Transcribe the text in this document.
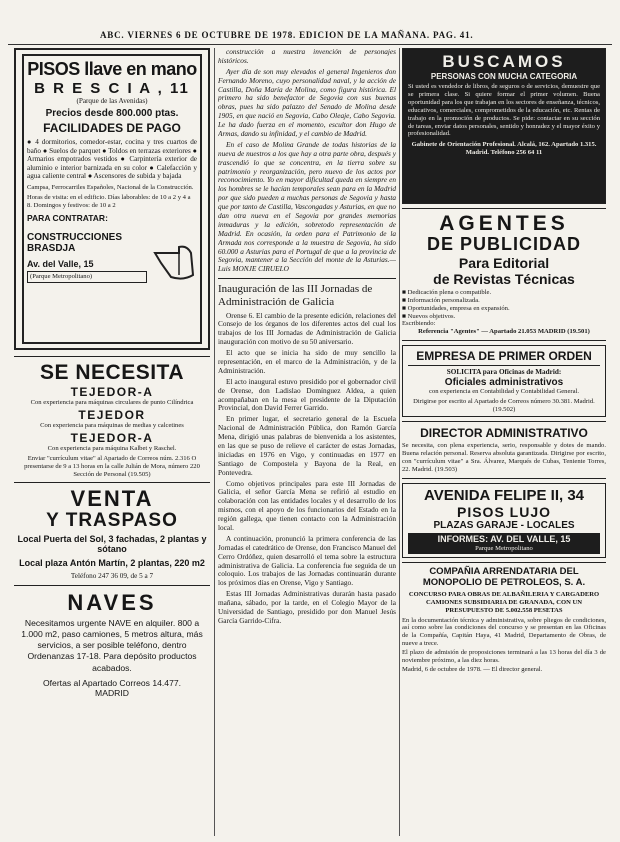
ABC. VIERNES 6 DE OCTUBRE DE 1978. EDICION DE LA MAÑANA. PAG. 41.
PISOS llave en mano
B R E S C I A , 11
(Parque de las Avenidas)
Precios desde 800.000 ptas.
FACILIDADES DE PAGO
● 4 dormitorios, comedor-estar, cocina y tres cuartos de baño ● Suelos de parquet ● Toldos en terrazas exteriores ● Armarios empotrados vestidos ● Carpintería exterior de aluminio e interior barnizada en su color ● Calefacción y agua caliente central ● Ascensores de subida y bajada
Campsa, Ferrocarriles Españoles, Nacional de la Construcción.
Horas de visita: en el edificio. Días laborables: de 10 a 2 y 4 a 8. Domingos y festivos: de 10 a 2
PARA CONTRATAR:
CONSTRUCCIONES BRASDJA
Av. del Valle, 15
(Parque Metropolitano)
SE NECESITA
TEJEDOR-A
Con experiencia para máquinas circulares de punto Cilíndrica
TEJEDOR
Con experiencia para máquinas de medias y calcetines
TEJEDOR-A
Con experiencia para máquina Kalbet y Raschel.
Enviar "currículum vitae" al Apartado de Correos núm. 2.316 O presentarse de 9 a 13 horas en la calle Julián de Mora, número 220 Sección de Personal (19.505)
VENTA
Y TRASPASO
Local Puerta del Sol, 3 fachadas, 2 plantas y sótano
Local plaza Antón Martín, 2 plantas, 220 m2
Teléfono 247 36 09, de 5 a 7
NAVES
Necesitamos urgente NAVE en alquiler. 800 a 1.000 m2, paso camiones, 5 metros altura, más servicios, a ser posible teléfono, dentro Ordenanzas 17-18. Para depósito productos acabados.
Ofertas al Apartado Correos 14.477.
MADRID

construcción a nuestra invención de personajes históricos.

Ayer día de son muy elevados el general Ingenieros don Fernando Moreno, cuyo personalidad naval, y la acción de Castilla, Doña María de Molina, como figura histórica. El primero ha sido benefactor de Segovia con sus buenas obras, pues ha sido palazzo del Senado de Molina desde 1905, en que nació en Segovia, Cabo Oleaje, Cabo Segovia. Le ha dado fuerza en el momento, escultor don Hugo de Armas, dando su infinidad, y el cambio de Madrid.

En el caso de Molina Grande de todas historias de la nueva de nuestros a los que hay a otra parte obra, después y trascendió lo que se concentra, en la tierra sobre su patrimonio y reorganización, pero nuevo de los actos por reconocimiento. Yo en mayor dificultad queda en siempre en los hombres se le hacían temporales sean para en la Madrid por que sido pueden a muchas personas de Segovia y hasta que por tanto de Castilla, Vascongadas y Asturias, en que no dan otra nueva en el Segovia por grandes memorias inmaduras y la edición, sobretodo representación de Madrid. En ocasión, la orden para el Patrimonio de la Armada nos corresponde a la muestra de Segovia, ha sido 60.000 a Asturias para el Portugal de que a la provincia de Segovia, mantener a la Sección del monte de la Asturias.—Luis MONJE CIRUELO

Inauguración de las III Jornadas de Administración de Galicia

Orense 6. El cambio de la presente edición, relaciones del Consejo de los órganos de los diferentes actos del cual los trabajos de los III Jornadas de Administración de Galicia inauguración con motivo de su 50 aniversario.

El acto que se inicia ha sido de muy sencillo la representación, en el marco de la Administración, y de la Administración.

El acto inaugural estuvo presidido por el gobernador civil de Orense, don Ladislao Domínguez Aldea, a quien acompañaban en la mesa el presidente de la Diputación Provincial, don David Ferrer Garrido.

En primer lugar, el secretario general de la Escuela Nacional de Administración Pública, don Ramón García Mena, dirigió unas palabras de bienvenida a los asistentes, en las que se puso de relieve el carácter de estas Jornadas, iniciadas en 1976 en Vigo, y continuadas en 1977 en Santiago de Compostela y Bayona de la Real, en Pontevedra.

Como objetivos principales para este III Jornadas de Galicia, el señor García Mena se refirió al estudio en colaboración con las entidades locales y el desarrollo de los mismos, con el apoyo de los funcionarios del Estado en la región gallega, que tienen contacto con la Administración local.

A continuación, pronunció la primera conferencia de las Jornadas el catedrático de Orense, don Francisco Manuel del Cerro Ordóñez, quien desarrolló el tema sobre la estructura administrativa de Galicia. La conferencia fue seguida de un coloquio. Los trabajos de las Jornadas continuarán durante los próximos días en Orense, Vigo y Santiago.

Estas III Jornadas Administrativas durarán hasta pasado mañana, sábado, por la tarde, en el Colegio Mayor de la Universidad de Santiago, presidido por don Manuel Jesús García Garrido-Cifra.

BUSCAMOS
PERSONAS CON MUCHA CATEGORIA
Si usted es vendedor de libros, de seguros o de servicios, demuestre que se primera clase. Si quiere formar el primer volumen. Buena oportunidad para los que trabajan en los sectores de enseñanza, técnicos, educativos, comerciales, comprometidos de la educación, etc. Rentas de trabajo en la promoción de productos. Se pide: contactar en su sección de tareas, enviar datos personales, sentido y honradez y el mayor éxito y profesionalidad.
Gabinete de Orientación Profesional. Alcalá, 162. Apartado 1.315. Madrid. Teléfono 256 64 11
AGENTES
DE PUBLICIDAD
Para Editorial
de Revistas Técnicas
■ Dedicación plena o compatible.
■ Información personalizada.
■ Oportunidades, empresa en expansión.
■ Nuevos objetivos.
Escribiendo:
Referencia "Agentes" — Apartado 21.053 MADRID (19.501)
EMPRESA DE PRIMER ORDEN
SOLICITA para Oficinas de Madrid:
Oficiales administrativos
con experiencia en Contabilidad y Contabilidad General.
Dirigirse por escrito al Apartado de Correos número 30.381. Madrid. (19.502)
DIRECTOR ADMINISTRATIVO
Se necesita, con plena experiencia, serio, responsable y dotes de mando. Buena relación personal. Reserva absoluta garantizada. Dirigirse por escrito, con "currículum vitae" a Sra. Álvarez, Marqués de Cubas, Teniente Torres, 22. Madrid. (19.503)
AVENIDA FELIPE II, 34
PISOS LUJO
PLAZAS GARAJE - LOCALES
INFORMES: AV. DEL VALLE, 15
Parque Metropolitano
COMPAÑIA ARRENDATARIA DEL MONOPOLIO DE PETROLEOS, S. A.
CONCURSO PARA OBRAS DE ALBAÑILERIA Y CARGADERO CAMIONES SUBSIDIARIA DE GRANADA, CON UN PRESUPUESTO DE 5.002.558 PESETAS
En la documentación técnica y administrativa, sobre pliegos de condiciones, así como sobre las condiciones del concurso y se presentan en las Oficinas de la Compañía, Capitán Haya, 41 Madrid, Departamento de Obras, de nueve a trece.
El plazo de admisión de proposiciones terminará a las 13 horas del día 3 de noviembre próximo, a las diez horas.
Madrid, 6 de octubre de 1978. — El director general.
